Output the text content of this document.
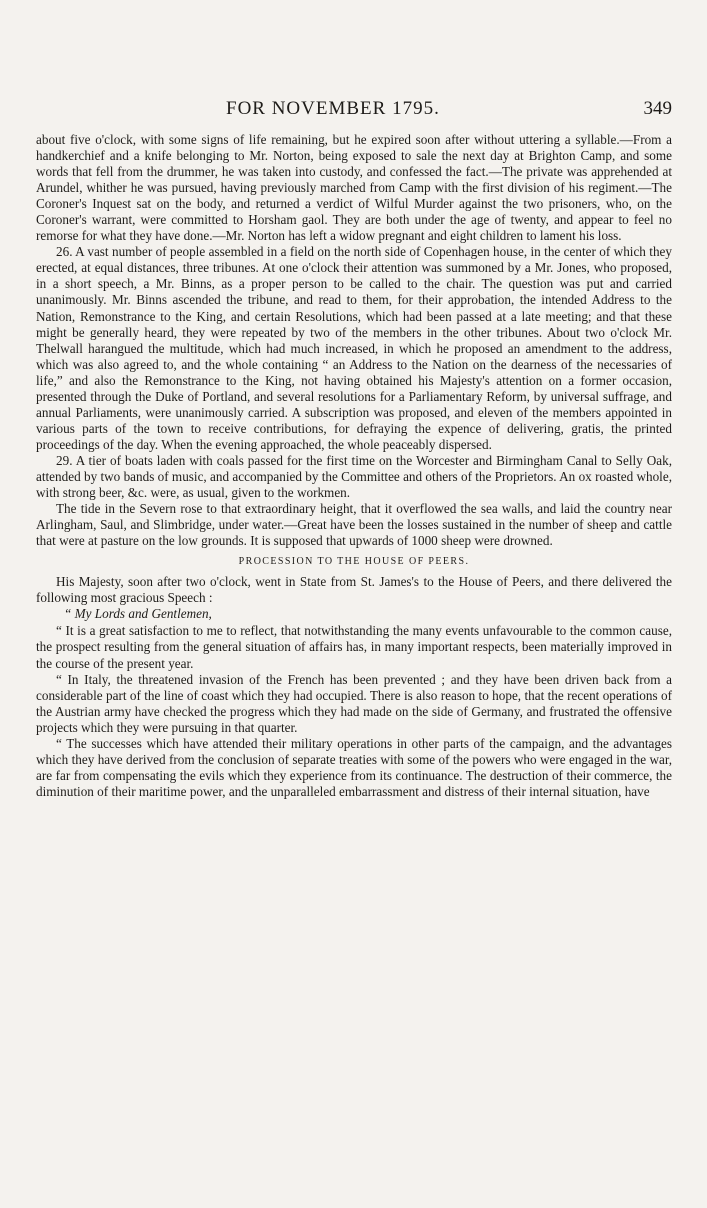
FOR NOVEMBER 1795.	349

about five o'clock, with some signs of life remaining, but he expired soon after without uttering a syllable.—From a handkerchief and a knife belonging to Mr. Norton, being exposed to sale the next day at Brighton Camp, and some words that fell from the drummer, he was taken into custody, and confessed the fact.—The private was apprehended at Arundel, whither he was pursued, having previously marched from Camp with the first division of his regiment.—The Coroner's Inquest sat on the body, and returned a verdict of Wilful Murder against the two prisoners, who, on the Coroner's warrant, were committed to Horsham gaol. They are both under the age of twenty, and appear to feel no remorse for what they have done.—Mr. Norton has left a widow pregnant and eight children to lament his loss.

26. A vast number of people assembled in a field on the north side of Copenhagen house, in the center of which they erected, at equal distances, three tribunes. At one o'clock their attention was summoned by a Mr. Jones, who proposed, in a short speech, a Mr. Binns, as a proper person to be called to the chair. The question was put and carried unanimously. Mr. Binns ascended the tribune, and read to them, for their approbation, the intended Address to the Nation, Remonstrance to the King, and certain Resolutions, which had been passed at a late meeting; and that these might be generally heard, they were repeated by two of the members in the other tribunes. About two o'clock Mr. Thelwall harangued the multitude, which had much increased, in which he proposed an amendment to the address, which was also agreed to, and the whole containing “ an Address to the Nation on the dearness of the necessaries of life,” and also the Remonstrance to the King, not having obtained his Majesty's attention on a former occasion, presented through the Duke of Portland, and several resolutions for a Parliamentary Reform, by universal suffrage, and annual Parliaments, were unanimously carried. A subscription was proposed, and eleven of the members appointed in various parts of the town to receive contributions, for defraying the expence of delivering, gratis, the printed proceedings of the day. When the evening approached, the whole peaceably dispersed.

29. A tier of boats laden with coals passed for the first time on the Worcester and Birmingham Canal to Selly Oak, attended by two bands of music, and accompanied by the Committee and others of the Proprietors. An ox roasted whole, with strong beer, &c. were, as usual, given to the workmen.

The tide in the Severn rose to that extraordinary height, that it overflowed the sea walls, and laid the country near Arlingham, Saul, and Slimbridge, under water.—Great have been the losses sustained in the number of sheep and cattle that were at pasture on the low grounds. It is supposed that upwards of 1000 sheep were drowned.

PROCESSION TO THE HOUSE OF PEERS.

His Majesty, soon after two o'clock, went in State from St. James's to the House of Peers, and there delivered the following most gracious Speech :

“ My Lords and Gentlemen,

“ It is a great satisfaction to me to reflect, that notwithstanding the many events unfavourable to the common cause, the prospect resulting from the general situation of affairs has, in many important respects, been materially improved in the course of the present year.

“ In Italy, the threatened invasion of the French has been prevented ; and they have been driven back from a considerable part of the line of coast which they had occupied. There is also reason to hope, that the recent operations of the Austrian army have checked the progress which they had made on the side of Germany, and frustrated the offensive projects which they were pursuing in that quarter.

“ The successes which have attended their military operations in other parts of the campaign, and the advantages which they have derived from the conclusion of separate treaties with some of the powers who were engaged in the war, are far from compensating the evils which they experience from its continuance. The destruction of their commerce, the diminution of their maritime power, and the unparalleled embarrassment and distress of their internal situation, have
